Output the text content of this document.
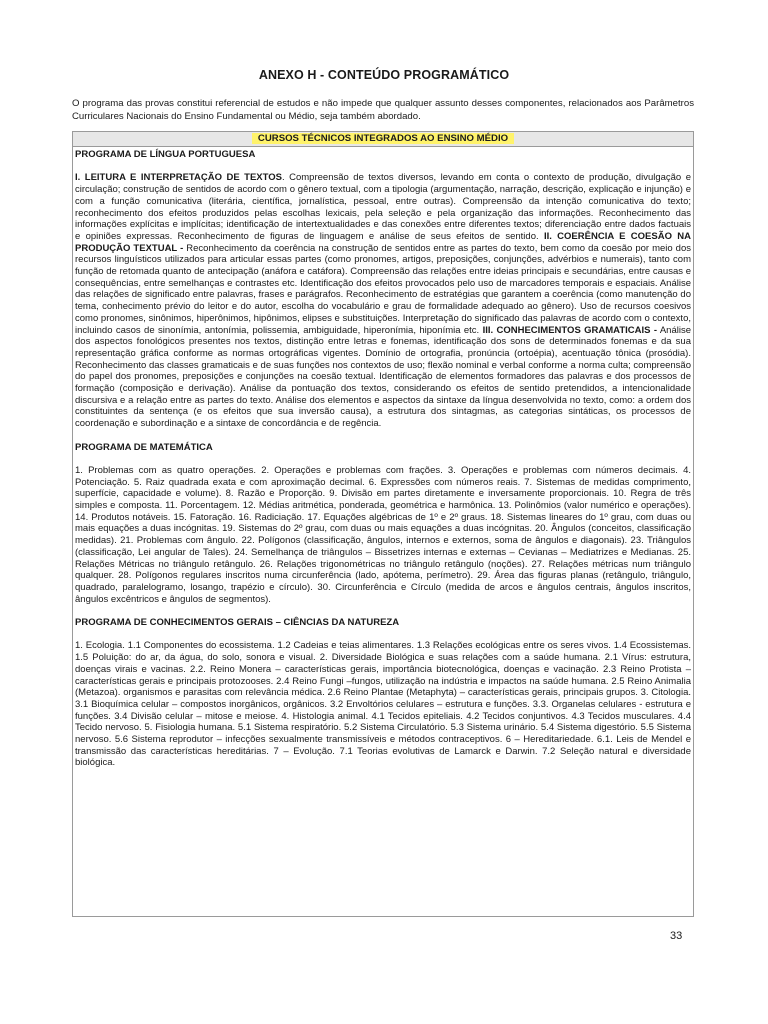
ANEXO H - CONTEÚDO PROGRAMÁTICO
O programa das provas constitui referencial de estudos e não impede que qualquer assunto desses componentes, relacionados aos Parâmetros Curriculares Nacionais do Ensino Fundamental ou Médio, seja também abordado.
CURSOS TÉCNICOS INTEGRADOS AO ENSINO MÉDIO

PROGRAMA DE LÍNGUA PORTUGUESA

I. LEITURA E INTERPRETAÇÃO DE TEXTOS. Compreensão de textos diversos, levando em conta o contexto de produção, divulgação e circulação; construção de sentidos de acordo com o gênero textual, com a tipologia (argumentação, narração, descrição, explicação e injunção) e com a função comunicativa (literária, científica, jornalística, pessoal, entre outras). Compreensão da intenção comunicativa do texto; reconhecimento dos efeitos produzidos pelas escolhas lexicais, pela seleção e pela organização das informações. Reconhecimento das informações explícitas e implícitas; identificação de intertextualidades e das conexões entre diferentes textos; diferenciação entre dados factuais e opiniões expressas. Reconhecimento de figuras de linguagem e análise de seus efeitos de sentido. II. COERÊNCIA E COESÃO NA PRODUÇÃO TEXTUAL - Reconhecimento da coerência na construção de sentidos entre as partes do texto, bem como da coesão por meio dos recursos linguísticos utilizados para articular essas partes (como pronomes, artigos, preposições, conjunções, advérbios e numerais), tanto com função de retomada quanto de antecipação (anáfora e catáfora). Compreensão das relações entre ideias principais e secundárias, entre causas e consequências, entre semelhanças e contrastes etc. Identificação dos efeitos provocados pelo uso de marcadores temporais e espaciais. Análise das relações de significado entre palavras, frases e parágrafos. Reconhecimento de estratégias que garantem a coerência (como manutenção do tema, conhecimento prévio do leitor e do autor, escolha do vocabulário e grau de formalidade adequado ao gênero). Uso de recursos coesivos como pronomes, sinônimos, hiperônimos, hipônimos, elipses e substituições. Interpretação do significado das palavras de acordo com o contexto, incluindo casos de sinonímia, antonímia, polissemia, ambiguidade, hiperonímia, hiponímia etc. III. CONHECIMENTOS GRAMATICAIS - Análise dos aspectos fonológicos presentes nos textos, distinção entre letras e fonemas, identificação dos sons de determinados fonemas e da sua representação gráfica conforme as normas ortográficas vigentes. Domínio de ortografia, pronúncia (ortoépia), acentuação tônica (prosódia). Reconhecimento das classes gramaticais e de suas funções nos contextos de uso; flexão nominal e verbal conforme a norma culta; compreensão do papel dos pronomes, preposições e conjunções na coesão textual. Identificação de elementos formadores das palavras e dos processos de formação (composição e derivação). Análise da pontuação dos textos, considerando os efeitos de sentido pretendidos, a intencionalidade discursiva e a relação entre as partes do texto. Análise dos elementos e aspectos da sintaxe da língua desenvolvida no texto, como: a ordem dos constituintes da sentença (e os efeitos que sua inversão causa), a estrutura dos sintagmas, as categorias sintáticas, os processos de coordenação e subordinação e a sintaxe de concordância e de regência.

PROGRAMA DE MATEMÁTICA

1. Problemas com as quatro operações. 2. Operações e problemas com frações. 3. Operações e problemas com números decimais. 4. Potenciação. 5. Raiz quadrada exata e com aproximação decimal. 6. Expressões com números reais. 7. Sistemas de medidas comprimento, superfície, capacidade e volume). 8. Razão e Proporção. 9. Divisão em partes diretamente e inversamente proporcionais. 10. Regra de três simples e composta. 11. Porcentagem. 12. Médias aritmética, ponderada, geométrica e harmônica. 13. Polinômios (valor numérico e operações). 14. Produtos notáveis. 15. Fatoração. 16. Radiciação. 17. Equações algébricas de 1º e 2º graus. 18. Sistemas lineares do 1º grau, com duas ou mais equações a duas incógnitas. 19. Sistemas do 2º grau, com duas ou mais equações a duas incógnitas. 20. Ângulos (conceitos, classificação medidas). 21. Problemas com ângulo. 22. Polígonos (classificação, ângulos, internos e externos, soma de ângulos e diagonais). 23. Triângulos (classificação, Lei angular de Tales). 24. Semelhança de triângulos – Bissetrizes internas e externas – Cevianas – Mediatrizes e Medianas. 25. Relações Métricas no triângulo retângulo. 26. Relações trigonométricas no triângulo retângulo (noções). 27. Relações métricas num triângulo qualquer. 28. Polígonos regulares inscritos numa circunferência (lado, apótema, perímetro). 29. Área das figuras planas (retângulo, triângulo, quadrado, paralelogramo, losango, trapézio e círculo). 30. Circunferência e Círculo (medida de arcos e ângulos centrais, ângulos inscritos, ângulos excêntricos e ângulos de segmentos).

PROGRAMA DE CONHECIMENTOS GERAIS – CIÊNCIAS DA NATUREZA

1. Ecologia. 1.1 Componentes do ecossistema. 1.2 Cadeias e teias alimentares. 1.3 Relações ecológicas entre os seres vivos. 1.4 Ecossistemas. 1.5 Poluição: do ar, da água, do solo, sonora e visual. 2. Diversidade Biológica e suas relações com a saúde humana. 2.1 Vírus: estrutura, doenças virais e vacinas. 2.2. Reino Monera – características gerais, importância biotecnológica, doenças e vacinação. 2.3 Reino Protista – características gerais e principais protozooses. 2.4 Reino Fungi –fungos, utilização na indústria e impactos na saúde humana. 2.5 Reino Animalia (Metazoa). organismos e parasitas com relevância médica. 2.6 Reino Plantae (Metaphyta) – características gerais, principais grupos. 3. Citologia. 3.1 Bioquímica celular – compostos inorgânicos, orgânicos. 3.2 Envoltórios celulares – estrutura e funções. 3.3. Organelas celulares - estrutura e funções. 3.4 Divisão celular – mitose e meiose. 4. Histologia animal. 4.1 Tecidos epiteliais. 4.2 Tecidos conjuntivos. 4.3 Tecidos musculares. 4.4 Tecido nervoso. 5. Fisiologia humana. 5.1 Sistema respiratório. 5.2 Sistema Circulatório. 5.3 Sistema urinário. 5.4 Sistema digestório. 5.5 Sistema nervoso. 5.6 Sistema reprodutor – infecções sexualmente transmissíveis e métodos contraceptivos. 6 – Hereditariedade. 6.1. Leis de Mendel e transmissão das características hereditárias. 7 – Evolução. 7.1 Teorias evolutivas de Lamarck e Darwin. 7.2 Seleção natural e diversidade biológica.

33
